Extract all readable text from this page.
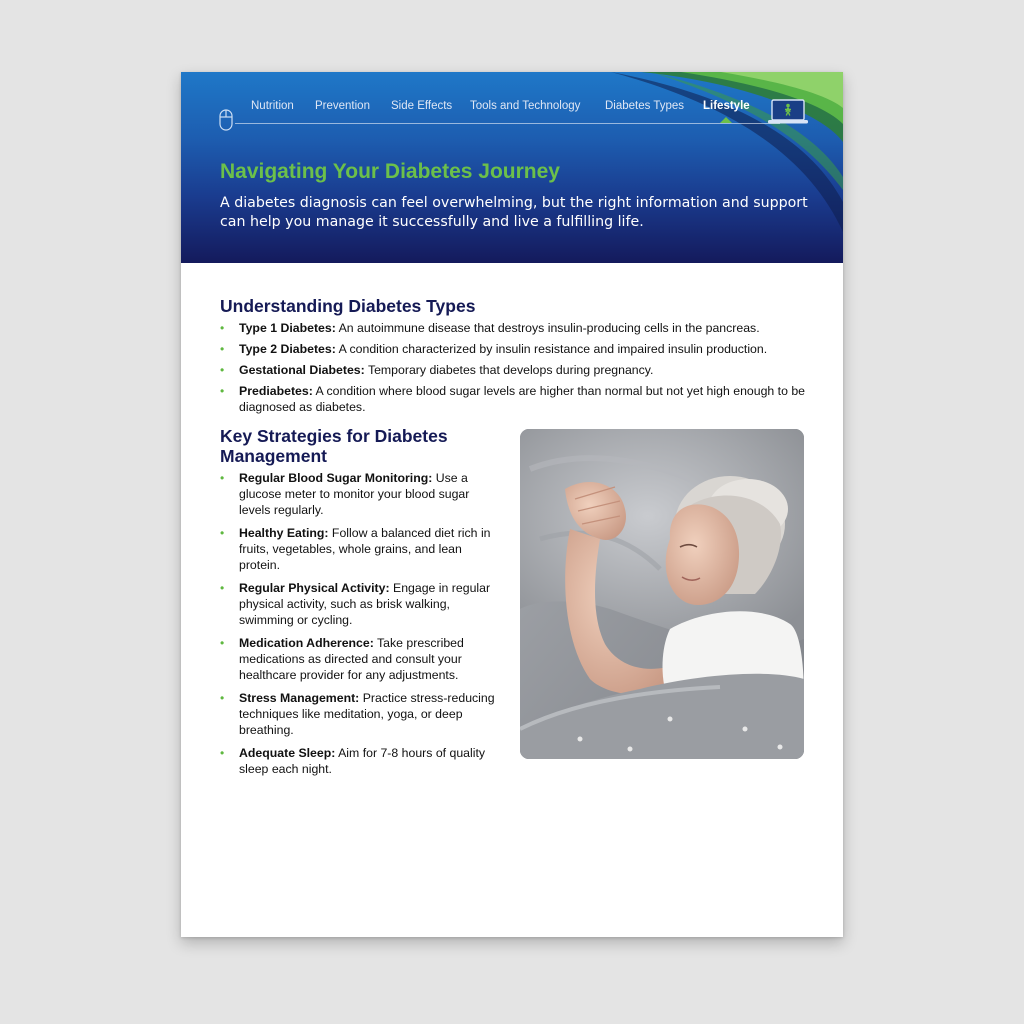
Nutrition Prevention Side Effects Tools and Technology Diabetes Types Lifestyle
Navigating Your Diabetes Journey
A diabetes diagnosis can feel overwhelming, but the right information and support can help you manage it successfully and live a fulfilling life.
Understanding Diabetes Types
• Type 1 Diabetes: An autoimmune disease that destroys insulin-producing cells in the pancreas.
• Type 2 Diabetes: A condition characterized by insulin resistance and impaired insulin production.
• Gestational Diabetes: Temporary diabetes that develops during pregnancy.
• Prediabetes: A condition where blood sugar levels are higher than normal but not yet high enough to be diagnosed as diabetes.
Key Strategies for Diabetes Management
• Regular Blood Sugar Monitoring: Use a glucose meter to monitor your blood sugar levels regularly.
• Healthy Eating: Follow a balanced diet rich in fruits, vegetables, whole grains, and lean protein.
• Regular Physical Activity: Engage in regular physical activity, such as brisk walking, swimming or cycling.
• Medication Adherence: Take prescribed medications as directed and consult your healthcare provider for any adjustments.
• Stress Management: Practice stress-reducing techniques like meditation, yoga, or deep breathing.
• Adequate Sleep: Aim for 7-8 hours of quality sleep each night.
